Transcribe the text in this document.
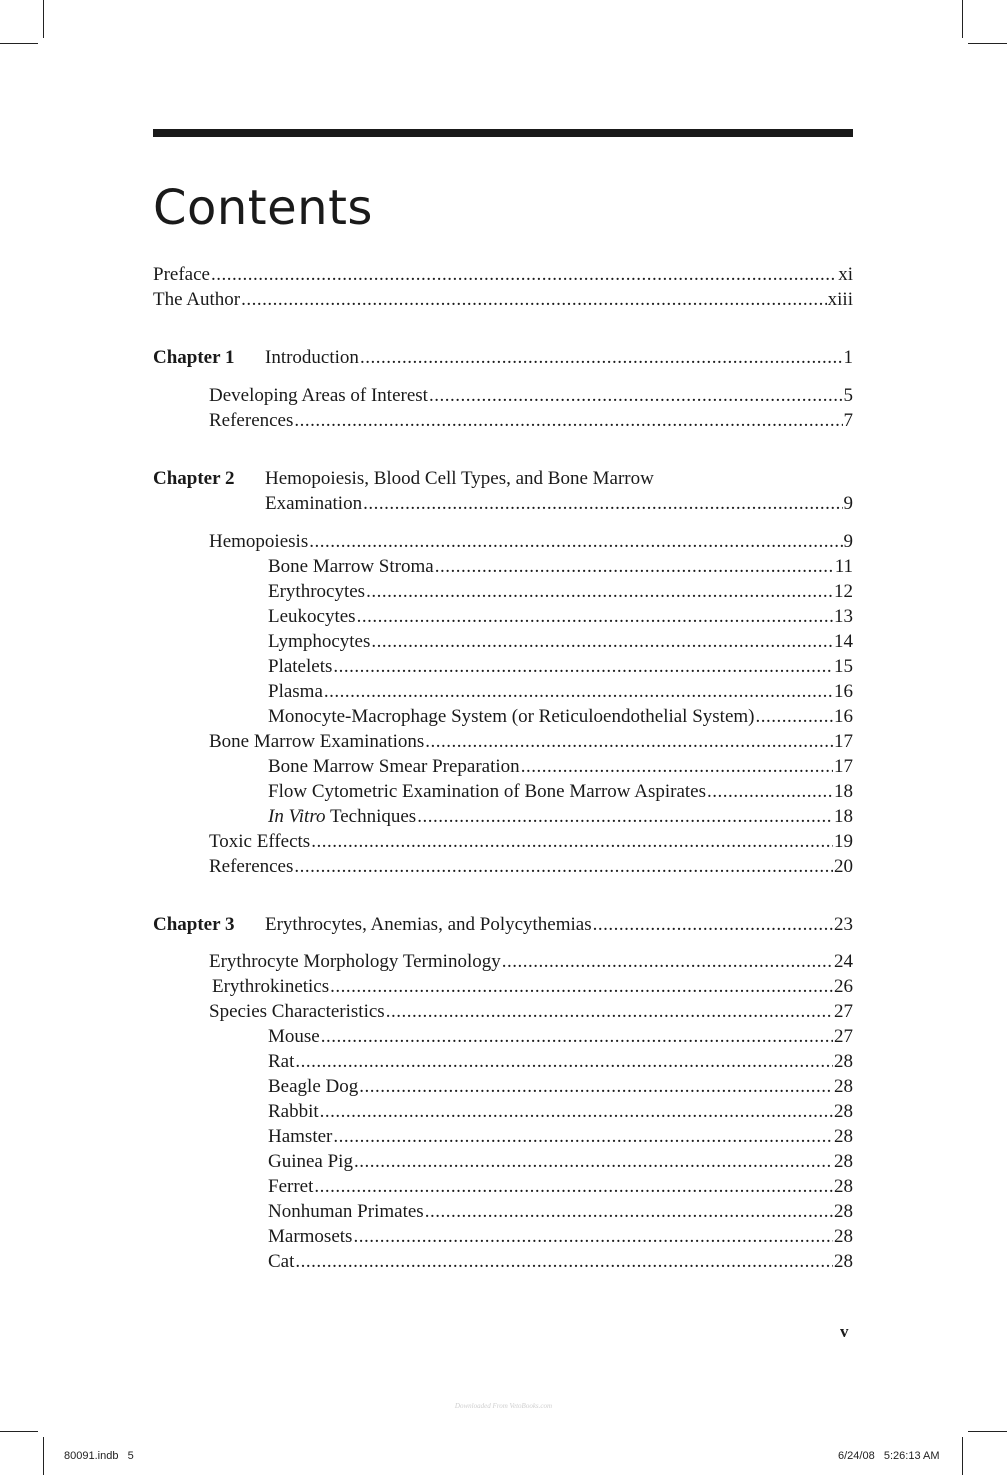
Contents
Preface .....	xi
The Author .....	xiii
Chapter 1 Introduction .....	1
Developing Areas of Interest .....	5
References .....	7
Chapter 2 Hemopoiesis, Blood Cell Types, and Bone Marrow
Examination .....	9
Hemopoiesis .....	9
Bone Marrow Stroma .....	11
Erythrocytes .....	12
Leukocytes .....	13
Lymphocytes .....	14
Platelets .....	15
Plasma .....	16
Monocyte-Macrophage System (or Reticuloendothelial System) .....	16
Bone Marrow Examinations .....	17
Bone Marrow Smear Preparation .....	17
Flow Cytometric Examination of Bone Marrow Aspirates .....	18
In Vitro Techniques .....	18
Toxic Effects .....	19
References .....	20
Chapter 3 Erythrocytes, Anemias, and Polycythemias .....	23
Erythrocyte Morphology Terminology .....	24
Erythrokinetics .....	26
Species Characteristics .....	27
Mouse .....	27
Rat .....	28
Beagle Dog .....	28
Rabbit .....	28
Hamster .....	28
Guinea Pig .....	28
Ferret .....	28
Nonhuman Primates .....	28
Marmosets .....	28
Cat .....	28
v
Downloaded From VetoBooks.com
80091.indb   5	6/24/08   5:26:13 AM
